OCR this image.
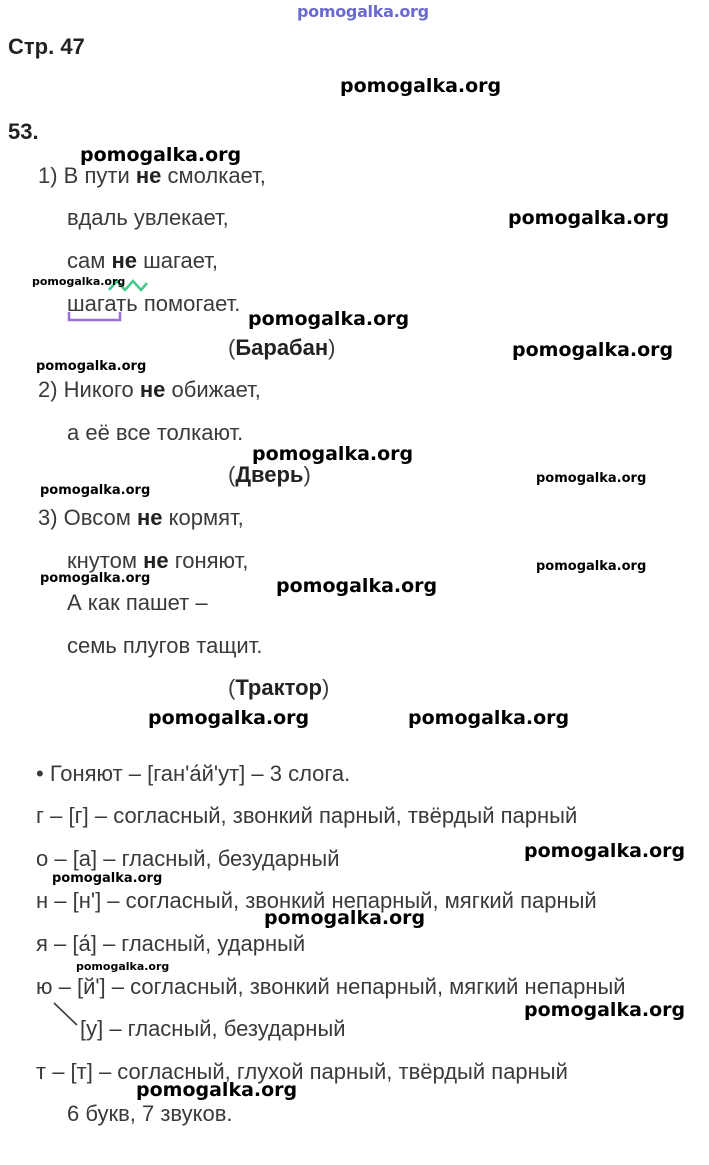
pomogalka.org
Стр. 47
53.
1) В пути не смолкает,
вдаль увлекает,
сам не шагает,
шагать помогает.
(Барабан)
2) Никого не обижает,
а её все толкают.
(Дверь)
3) Овсом не кормят,
кнутом не гоняют,
А как пашет –
семь плугов тащит.
(Трактор)
• Гоняют – [ган'а́й'ут] – 3 слога.
г – [г] – согласный, звонкий парный, твёрдый парный
о – [а] – гласный, безударный
н – [н'] – согласный, звонкий непарный, мягкий парный
я – [а́] – гласный, ударный
ю – [й'] – согласный, звонкий непарный, мягкий непарный
[у] – гласный, безударный
т – [т] – согласный, глухой парный, твёрдый парный
6 букв, 7 звуков.
pomogalka.org
pomogalka.org
pomogalka.org
pomogalka.org
pomogalka.org
pomogalka.org
pomogalka.org
pomogalka.org
pomogalka.org
pomogalka.org
pomogalka.org
pomogalka.org	pomogalka.org
pomogalka.org	pomogalka.org
pomogalka.org
pomogalka.org
pomogalka.org
pomogalka.org
pomogalka.org
pomogalka.org
